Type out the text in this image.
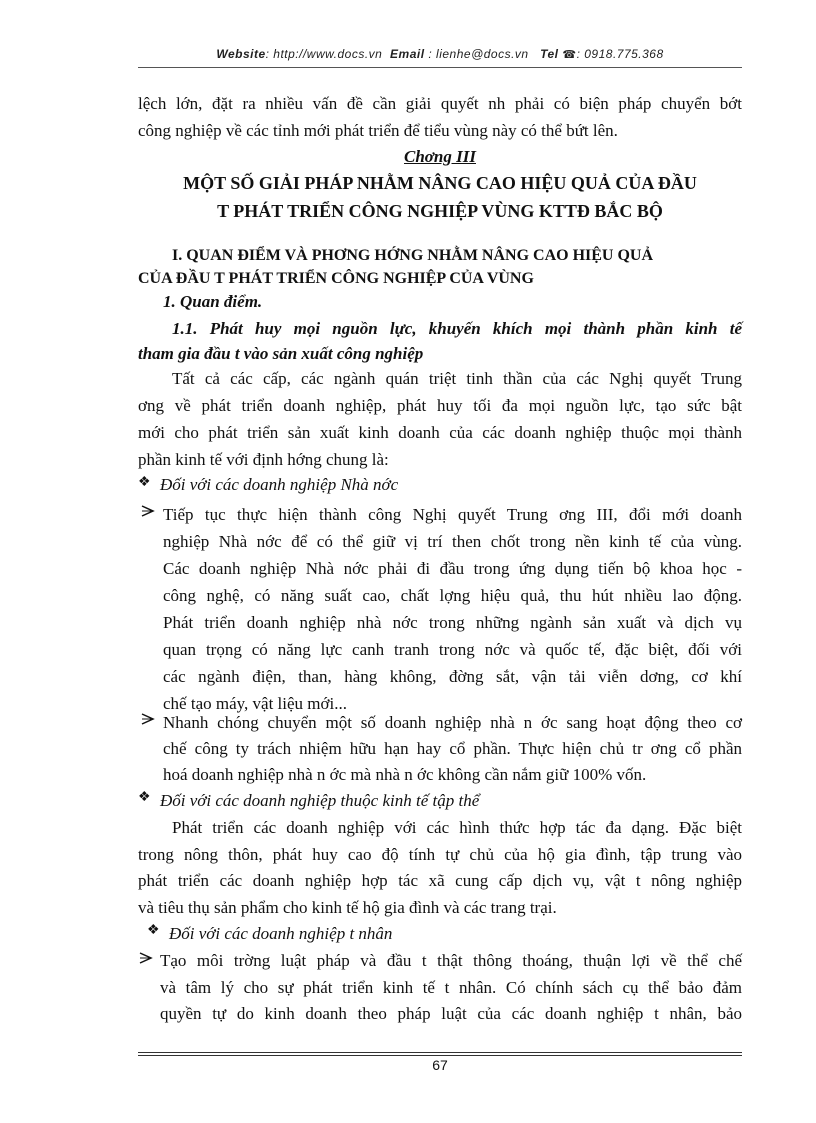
Website: http://www.docs.vn Email : lienhe@docs.vn Tel ☎: 0918.775.368
lệch lớn, đặt ra nhiều vấn đề cần giải quyết nh phải có biện pháp chuyển bớt
công nghiệp về các tỉnh mới phát triển để tiểu vùng này có thể bứt lên.
Chơng III
MỘT SỐ GIẢI PHÁP NHẰM NÂNG CAO HIỆU QUẢ CỦA ĐẦU
T PHÁT TRIỂN CÔNG NGHIỆP VÙNG KTTĐ BẮC BỘ
I. QUAN ĐIỂM VÀ PHƠNG HỚNG NHẰM NÂNG CAO HIỆU QUẢ
CỦA ĐẦU T PHÁT TRIỂN CÔNG NGHIỆP CỦA VÙNG
1. Quan điểm.
1.1. Phát huy mọi nguồn lực, khuyến khích mọi thành phần kinh tế
tham gia đầu t vào sản xuất công nghiệp
Tất cả các cấp, các ngành quán triệt tinh thần của các Nghị quyết Trung
ơng về phát triển doanh nghiệp, phát huy tối đa mọi nguồn lực, tạo sức bật
mới cho phát triển sản xuất kinh doanh của các doanh nghiệp thuộc mọi thành
phần kinh tế với định hớng chung là:
❖ Đối với các doanh nghiệp Nhà nớc
Tiếp tục thực hiện thành công Nghị quyết Trung ơng III, đổi mới doanh
nghiệp Nhà nớc để có thể giữ vị trí then chốt trong nền kinh tế của vùng.
Các doanh nghiệp Nhà nớc phải đi đầu trong ứng dụng tiến bộ khoa học -
công nghệ, có năng suất cao, chất lợng hiệu quả, thu hút nhiều lao động.
Phát triển doanh nghiệp nhà nớc trong những ngành sản xuất và dịch vụ
quan trọng có năng lực canh tranh trong nớc và quốc tế, đặc biệt, đối với
các ngành điện, than, hàng không, đờng sắt, vận tải viễn dơng, cơ khí
chế tạo máy, vật liệu mới...
Nhanh chóng chuyển một số doanh nghiệp nhà n ớc sang hoạt động theo cơ
chế công ty trách nhiệm hữu hạn hay cổ phần. Thực hiện chủ tr ơng cổ phần
hoá doanh nghiệp nhà n ớc mà nhà n ớc không cần nắm giữ 100% vốn.
❖ Đối với các doanh nghiệp thuộc kinh tế tập thể
Phát triển các doanh nghiệp với các hình thức hợp tác đa dạng. Đặc biệt
trong nông thôn, phát huy cao độ tính tự chủ của hộ gia đình, tập trung vào
phát triển các doanh nghiệp hợp tác xã cung cấp dịch vụ, vật t nông nghiệp
và tiêu thụ sản phẩm cho kinh tế hộ gia đình và các trang trại.
❖ Đối với các doanh nghiệp t nhân
Tạo môi trờng luật pháp và đầu t thật thông thoáng, thuận lợi về thể chế
và tâm lý cho sự phát triển kinh tế t nhân. Có chính sách cụ thể bảo đảm
quyền tự do kinh doanh theo pháp luật của các doanh nghiệp t nhân, bảo
67
